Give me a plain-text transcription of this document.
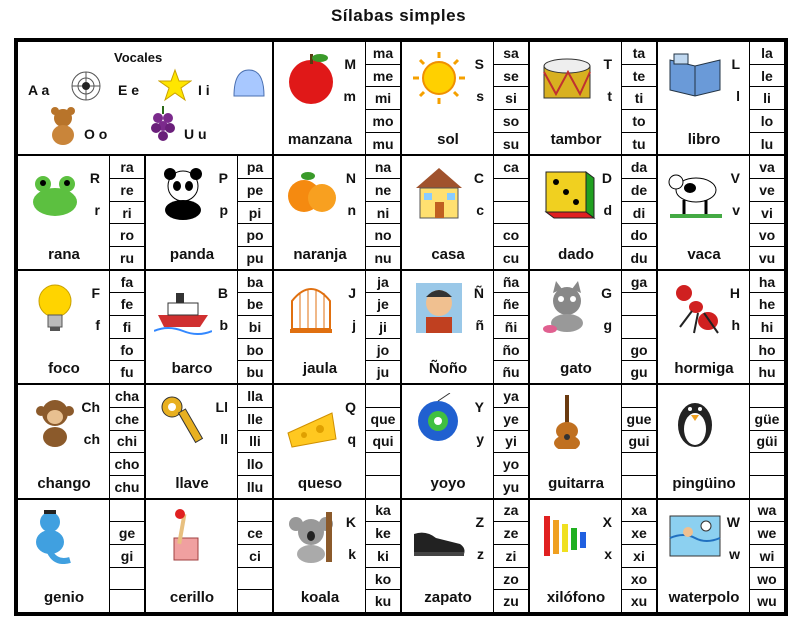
Sílabas simples
Vocales
A a	E e	I i
O o	U u
M
m
manzana
ma
me
mi
mo
mu
S
s
sol
sa
se
si
so
su
T
t
tambor
ta
te
ti
to
tu
L
l
libro
la
le
li
lo
lu
R
r
rana
ra
re
ri
ro
ru
P
p
panda
pa
pe
pi
po
pu
N
n
naranja
na
ne
ni
no
nu
C
c
casa
ca
co
cu
D
d
dado
da
de
di
do
du
V
v
vaca
va
ve
vi
vo
vu
F
f
foco
fa
fe
fi
fo
fu
B
b
barco
ba
be
bi
bo
bu
J
j
jaula
ja
je
ji
jo
ju
Ñ
ñ
Ñoño
ña
ñe
ñi
ño
ñu
G
g
gato
ga
go
gu
H
h
hormiga
ha
he
hi
ho
hu
Ch
ch
chango
cha
che
chi
cho
chu
Ll
ll
llave
lla
lle
lli
llo
llu
Q
q
queso
que
qui
Y
y
yoyo
ya
ye
yi
yo
yu	guitarra
gue
gui
pingüino
güe
güi
genio
ge
gi
cerillo
ce
ci
K
k
koala
ka
ke
ki
ko
ku
Z
z
zapato
za
ze
zi
zo
zu
X
x
xilófono
xa
xe
xi
xo
xu
W
w
waterpolo
wa
we
wi
wo
wu
